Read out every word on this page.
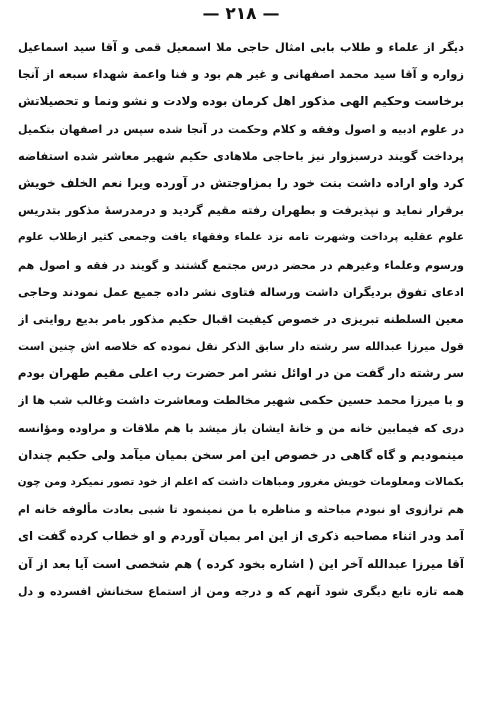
— ۲۱۸ —
دیگر از علماء و طلاب بابی امثال حاجی ملا اسمعیل قمی و آقا سید اسماعیل
زواره و آقا سید محمد اصفهانی و غیر هم بود و فنا واعمة شهداء سبعه از آنجا
برخاست وحکیم الهی مذکور اهل کرمان بوده ولادت و نشو ونما و تحصیلاتش
در علوم ادبیه و اصول وفقه و کلام وحکمت در آنجا شده سپس در اصفهان بتکمیل
پرداخت گویند درسبزوار نیز باحاجی ملاهادی حکیم شهیر معاشر شده استفاضه
کرد واو اراده داشت بنت خود را بمزاوجتش در آورده ویرا نعم الخلف خویش
برقرار نماید و نپذیرفت و بطهران رفته مقیم گردید و درمدرسهٔ مذکور بتدریس
علوم عقلیه پرداخت وشهرت تامه نزد علماء وفقهاء یافت وجمعی کثیر ازطلاب علوم
ورسوم وعلماء وغیرهم در محضر درس مجتمع گشتند و گویند در فقه و اصول هم
ادعای تفوق بردیگران داشت ورساله فتاوی نشر داده جمیع عمل نمودند وحاجی
معین السلطنه تبریزی در خصوص کیفیت اقبال حکیم مذکور بامر بدیع روایتی از
قول میرزا عبدالله سر رشته دار سابق الذکر نقل نموده که خلاصه اش چنین است
سر رشته دار گفت من در اوائل نشر امر حضرت رب اعلی مقیم طهران بودم
و با میرزا محمد حسین حکمی شهیر مخالطت ومعاشرت داشت وغالب شب ها از
دری که فیمابین خانه من و خانهٔ ایشان باز میشد با هم ملاقات و مراوده ومؤانسه
مینمودیم و گاه گاهی در خصوص این امر سخن بمیان میآمد ولی حکیم چندان
بکمالات ومعلومات خویش مغرور ومباهات داشت که اعلم از خود تصور نمیکرد ومن چون
هم ترازوی او نبودم مباحثه و مناظره با من نمینمود تا شبی بعادت مألوفه خانه ام
آمد ودر اثناء مصاحبه ذکری از این امر بمیان آوردم و او خطاب کرده گفت ای
آقا میرزا عبدالله آخر این ( اشاره بخود کرده ) هم شخصی است آیا بعد از آن
همه تازه تابع دیگری شود آنهم که و درجه ومن از استماع سخنانش افسرده و دل
